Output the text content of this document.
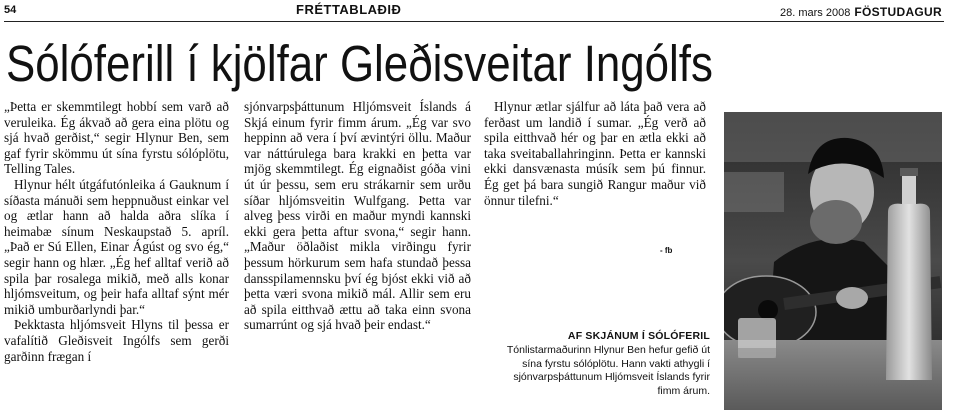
54	FRÉTTABLAÐIÐ	28. mars 2008 FÖSTUDAGUR
Sólóferill í kjölfar Gleðisveitar Ingólfs

„Þetta er skemmtilegt hobbí sem varð að veruleika. Ég ákvað að gera eina plötu og sjá hvað gerðist,“ segir Hlynur Ben, sem gaf fyrir skömmu út sína fyrstu sólóplötu, Telling Tales.

Hlynur hélt útgáfutónleika á Gauknum í síðasta mánuði sem heppnuðust einkar vel og ætlar hann að halda aðra slíka í heimabæ sínum Neskaupstað 5. apríl. „Það er Sú Ellen, Einar Ágúst og svo ég,“ segir hann og hlær. „Ég hef alltaf verið að spila þar rosalega mikið, með alls konar hljómsveitum, og þeir hafa alltaf sýnt mér mikið umburðarlyndi þar.“

Þekktasta hljómsveit Hlyns til þessa er vafalítið Gleðisveit Ingólfs sem gerði garðinn frægan í

sjónvarpsþáttunum Hljómsveit Íslands á Skjá einum fyrir fimm árum. „Ég var svo heppinn að vera í því ævintýri öllu. Maður var náttúrulega bara krakki en þetta var mjög skemmtilegt. Ég eignaðist góða vini út úr þessu, sem eru strákarnir sem urðu síðar hljómsveitin Wulfgang. Þetta var alveg þess virði en maður myndi kannski ekki gera þetta aftur svona,“ segir hann. „Maður öðlaðist mikla virðingu fyrir þessum hörkurum sem hafa stundað þessa dansspilamennsku því ég bjóst ekki við að þetta væri svona mikið mál. Allir sem eru að spila eitthvað ættu að taka einn svona sumarrúnt og sjá hvað þeir endast.“

Hlynur ætlar sjálfur að láta það vera að ferðast um landið í sumar. „Ég verð að spila eitthvað hér og þar en ætla ekki að taka sveitaballahringinn. Þetta er kannski ekki dansvænasta músík sem þú finnur. Ég get þá bara sungið Rangur maður við önnur tilefni.“

- fb
AF SKJÁNUM Í SÓLÓFERIL Tónlistarmaðurinn Hlynur Ben hefur gefið út sína fyrstu sólóplötu. Hann vakti athygli í sjónvarpsþáttunum Hljómsveit Íslands fyrir fimm árum.
